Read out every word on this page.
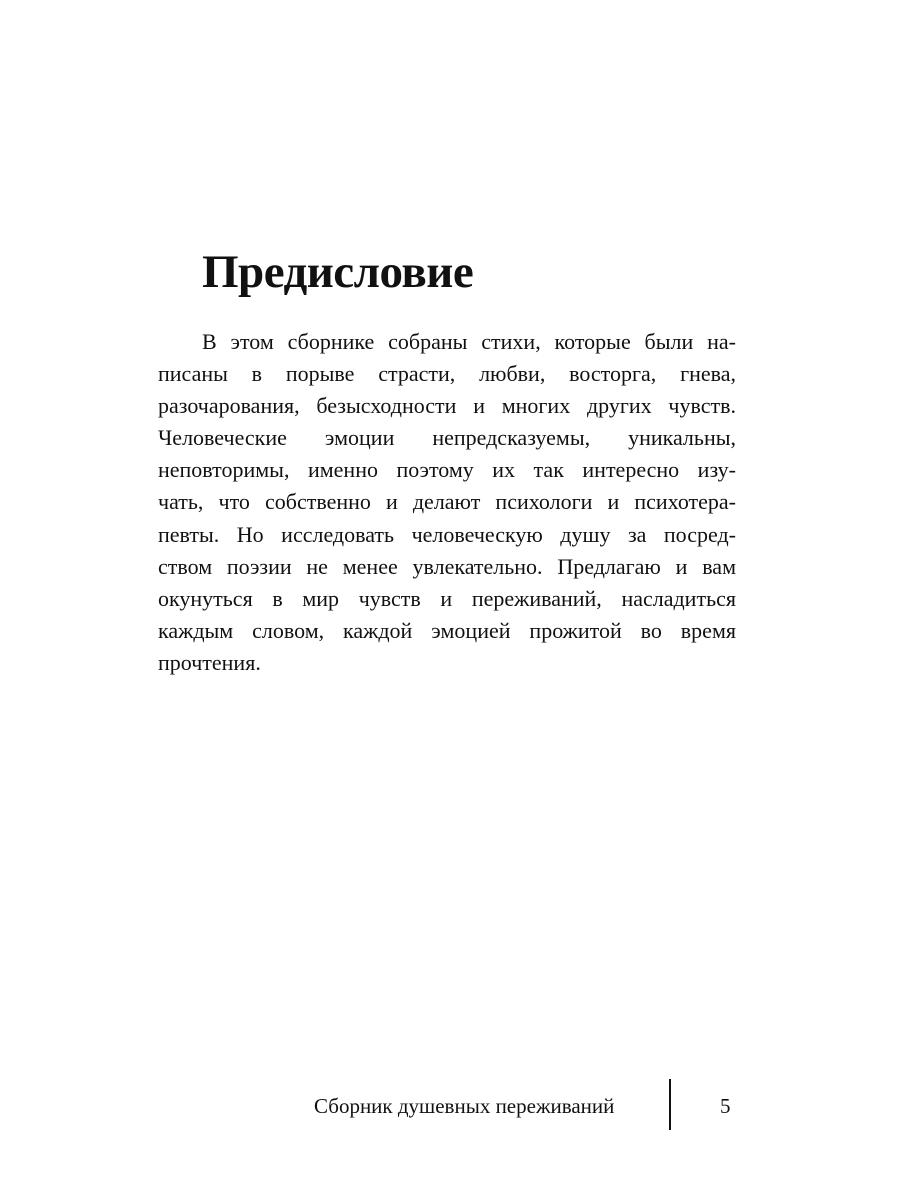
Предисловие
В этом сборнике собраны стихи, которые были на-
писаны в порыве страсти, любви, восторга, гнева,
разочарования, безысходности и многих других чувств.
Человеческие эмоции непредсказуемы, уникальны,
неповторимы, именно поэтому их так интересно изу-
чать, что собственно и делают психологи и психотера-
певты. Но исследовать человеческую душу за посред-
ством поэзии не менее увлекательно. Предлагаю и вам
окунуться в мир чувств и переживаний, насладиться
каждым словом, каждой эмоцией прожитой во время
прочтения.
Сборник душевных переживаний	5
